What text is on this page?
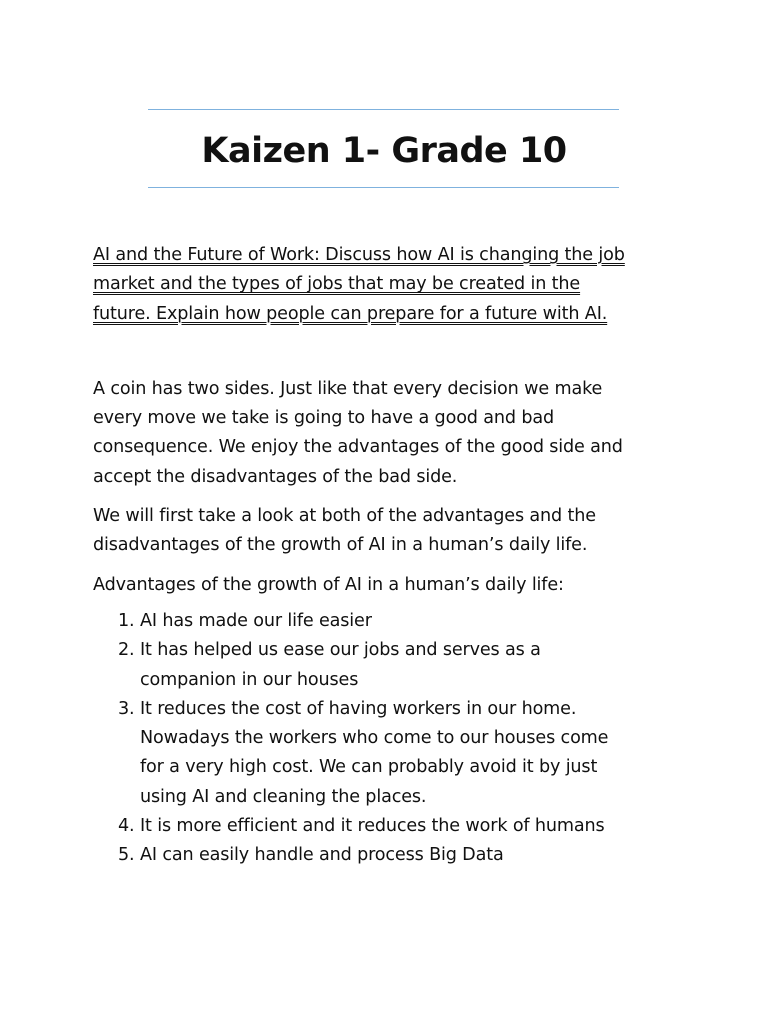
Kaizen 1- Grade 10

AI and the Future of Work: Discuss how AI is changing the job
market and the types of jobs that may be created in the
future. Explain how people can prepare for a future with AI.

A coin has two sides. Just like that every decision we make
every move we take is going to have a good and bad
consequence. We enjoy the advantages of the good side and
accept the disadvantages of the bad side.

We will first take a look at both of the advantages and the
disadvantages of the growth of AI in a human’s daily life.

Advantages of the growth of AI in a human’s daily life:

1. AI has made our life easier
2. It has helped us ease our jobs and serves as a
companion in our houses
3. It reduces the cost of having workers in our home.
Nowadays the workers who come to our houses come
for a very high cost. We can probably avoid it by just
using AI and cleaning the places.
4. It is more efficient and it reduces the work of humans
5. AI can easily handle and process Big Data
